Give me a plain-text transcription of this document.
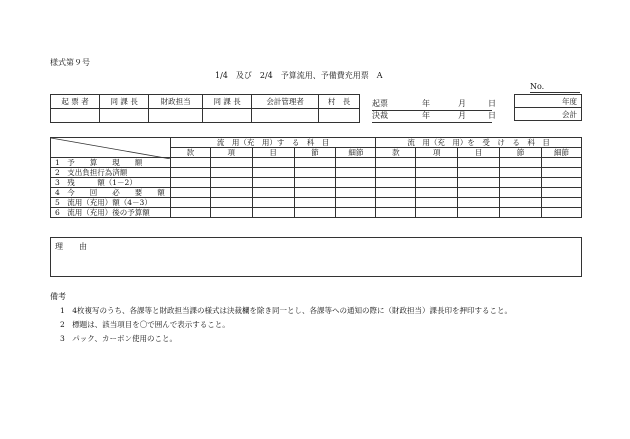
様式第９号
1/4　及び　2/4　予算流用、予備費充用票　A
No.
起 票 者	同 課 長	財政担当	同 課 長	会計管理者	村　長
						起票	年	月	日
決裁	年	月	日
年度
会計
	流　用（充　用）す　る　科　目					流　用（充　用）を　受　け　る　科　目				
	款	項	目	節	細節	款	項	目	節	細節
1　予　　算　　現　　額										
2　支出負担行為済額										
3　残　　　額（1－2）										
4　今　　回　　必　　要　　額										
5　流用（充用）額（4－3）										
6　流用（充用）後の予算額										
理　　由
備考
1　4枚複写のうち、各課等と財政担当課の様式は決裁欄を除き同一とし、各課等への通知の際に（財政担当）課長印を押印すること。
2　標題は、該当項目を〇で囲んで表示すること。
3　パック、カーボン使用のこと。
